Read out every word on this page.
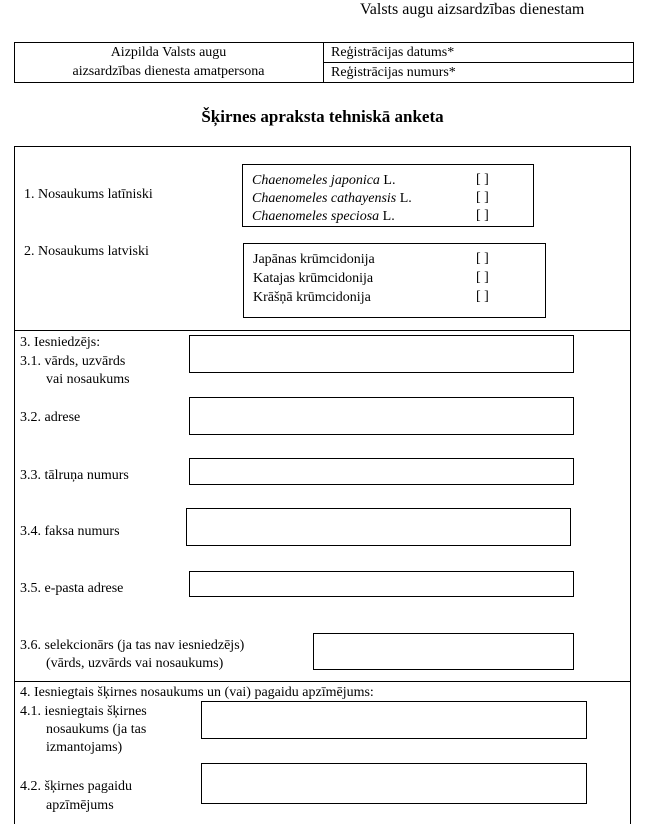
Valsts augu aizsardzības dienestam
Aizpilda Valsts augu
aizsardzības dienesta amatpersona
Reģistrācijas datums*
Reģistrācijas numurs*
Šķirnes apraksta tehniskā anketa
1. Nosaukums latīniski
Chaenomeles japonica L.	[ ]
Chaenomeles cathayensis L.	[ ]
Chaenomeles speciosa L.	[ ]
2. Nosaukums latviski
Japānas krūmcidonija	[ ]
Katajas krūmcidonija	[ ]
Krāšņā krūmcidonija	[ ]
3. Iesniedzējs:
3.1. vārds, uzvārds
vai nosaukums
3.2. adrese
3.3. tālruņa numurs
3.4. faksa numurs
3.5. e-pasta adrese
3.6. selekcionārs (ja tas nav iesniedzējs)
(vārds, uzvārds vai nosaukums)
4. Iesniegtais šķirnes nosaukums un (vai) pagaidu apzīmējums:
4.1. iesniegtais šķirnes
nosaukums (ja tas
izmantojams)
4.2. šķirnes pagaidu
apzīmējums
